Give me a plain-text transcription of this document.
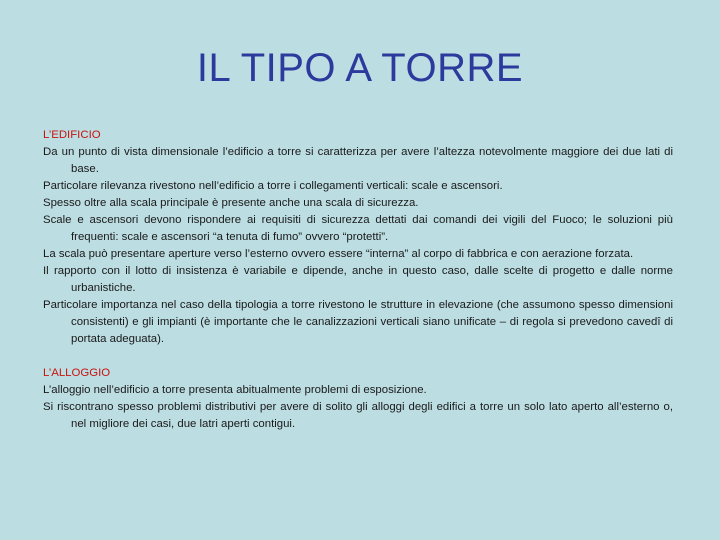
IL TIPO A TORRE

L’EDIFICIO

Da un punto di vista dimensionale l’edificio a torre si caratterizza per avere l’altezza notevolmente maggiore dei due lati di base.

Particolare rilevanza rivestono nell’edificio a torre i collegamenti verticali: scale e ascensori.

Spesso oltre alla scala principale è presente anche una scala di sicurezza.

Scale e ascensori devono rispondere ai requisiti di sicurezza dettati dai comandi dei vigili del Fuoco; le soluzioni più frequenti: scale e ascensori “a tenuta di fumo” ovvero “protetti”.

La scala può presentare aperture verso l’esterno ovvero essere “interna” al corpo di fabbrica e con aerazione forzata.

Il rapporto con il lotto di insistenza è variabile e dipende, anche in questo caso, dalle scelte di progetto e dalle norme urbanistiche.

Particolare importanza nel caso della tipologia a torre rivestono le strutture in elevazione (che assumono spesso dimensioni consistenti) e gli impianti (è importante che le canalizzazioni verticali siano unificate – di regola si prevedono cavedî di portata adeguata).

L’ALLOGGIO

L’alloggio nell’edificio a torre presenta abitualmente problemi di esposizione.

Si riscontrano spesso problemi distributivi per avere di solito gli alloggi degli edifici a torre un solo lato aperto all’esterno o, nel migliore dei casi, due latri aperti contigui.
